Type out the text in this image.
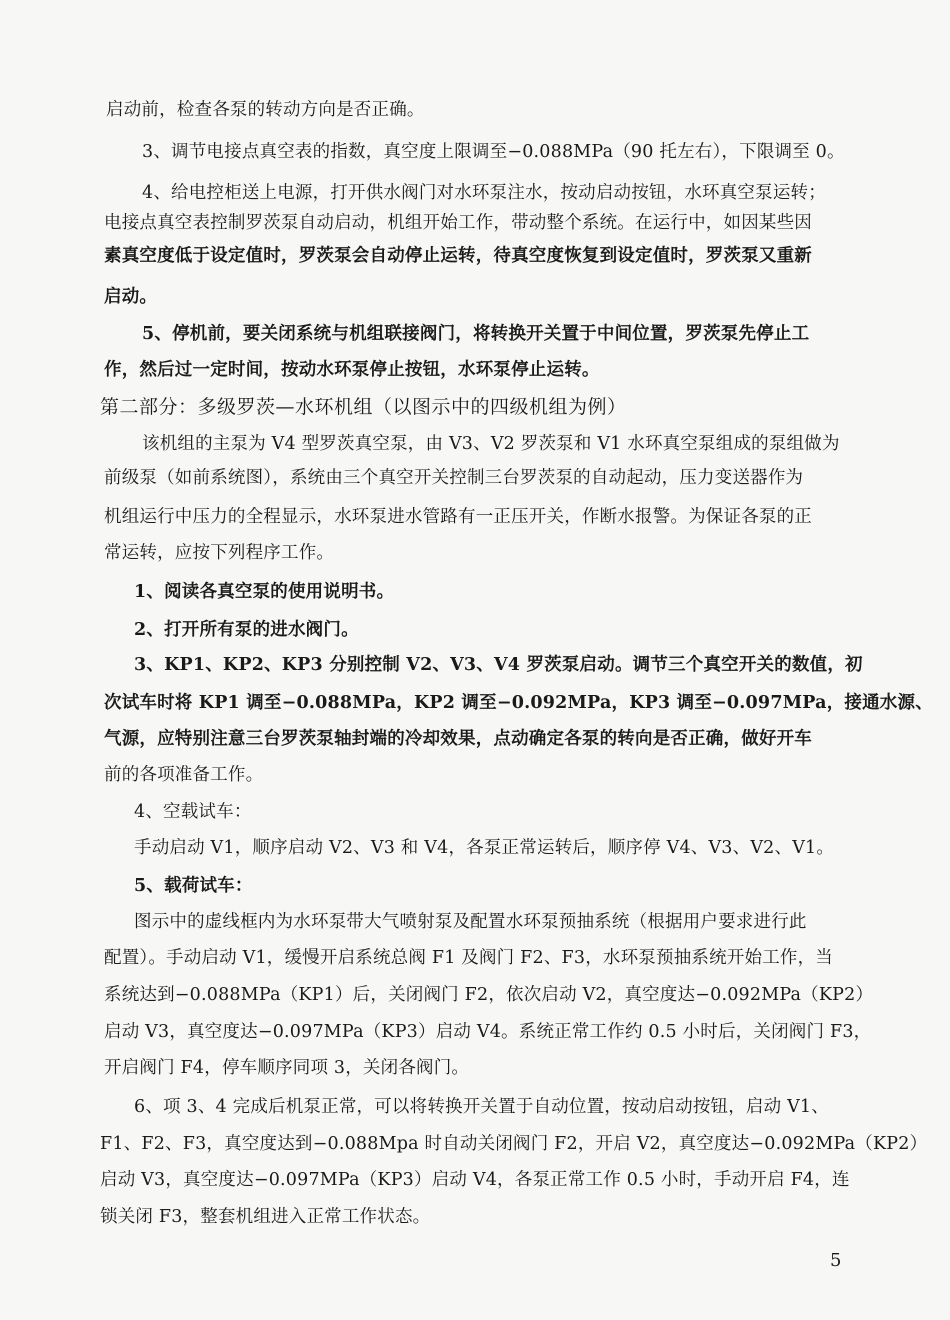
启动前，检查各泵的转动方向是否正确。
3、调节电接点真空表的指数，真空度上限调至−0.088MPa（90 托左右），下限调至 0。
4、给电控柜送上电源，打开供水阀门对水环泵注水，按动启动按钮，水环真空泵运转；
电接点真空表控制罗茨泵自动启动，机组开始工作，带动整个系统。在运行中，如因某些因
素真空度低于设定值时，罗茨泵会自动停止运转，待真空度恢复到设定值时，罗茨泵又重新
启动。
5、停机前，要关闭系统与机组联接阀门，将转换开关置于中间位置，罗茨泵先停止工
作，然后过一定时间，按动水环泵停止按钮，水环泵停止运转。
第二部分：多级罗茨—水环机组（以图示中的四级机组为例）
该机组的主泵为 V4 型罗茨真空泵，由 V3、V2 罗茨泵和 V1 水环真空泵组成的泵组做为
前级泵（如前系统图），系统由三个真空开关控制三台罗茨泵的自动起动，压力变送器作为
机组运行中压力的全程显示，水环泵进水管路有一正压开关，作断水报警。为保证各泵的正
常运转，应按下列程序工作。
1、阅读各真空泵的使用说明书。
2、打开所有泵的进水阀门。
3、KP1、KP2、KP3 分别控制 V2、V3、V4 罗茨泵启动。调节三个真空开关的数值，初
次试车时将 KP1 调至−0.088MPa，KP2 调至−0.092MPa，KP3 调至−0.097MPa，接通水源、
气源，应特别注意三台罗茨泵轴封端的冷却效果，点动确定各泵的转向是否正确，做好开车
前的各项准备工作。
4、空载试车：
手动启动 V1，顺序启动 V2、V3 和 V4，各泵正常运转后，顺序停 V4、V3、V2、V1。
5、载荷试车：
图示中的虚线框内为水环泵带大气喷射泵及配置水环泵预抽系统（根据用户要求进行此
配置）。手动启动 V1，缓慢开启系统总阀 F1 及阀门 F2、F3，水环泵预抽系统开始工作，当
系统达到−0.088MPa（KP1）后，关闭阀门 F2，依次启动 V2，真空度达−0.092MPa（KP2）
启动 V3，真空度达−0.097MPa（KP3）启动 V4。系统正常工作约 0.5 小时后，关闭阀门 F3，
开启阀门 F4，停车顺序同项 3，关闭各阀门。
6、项 3、4 完成后机泵正常，可以将转换开关置于自动位置，按动启动按钮，启动 V1、
F1、F2、F3，真空度达到−0.088Mpa 时自动关闭阀门 F2，开启 V2，真空度达−0.092MPa（KP2）
启动 V3，真空度达−0.097MPa（KP3）启动 V4，各泵正常工作 0.5 小时，手动开启 F4，连
锁关闭 F3，整套机组进入正常工作状态。
5
